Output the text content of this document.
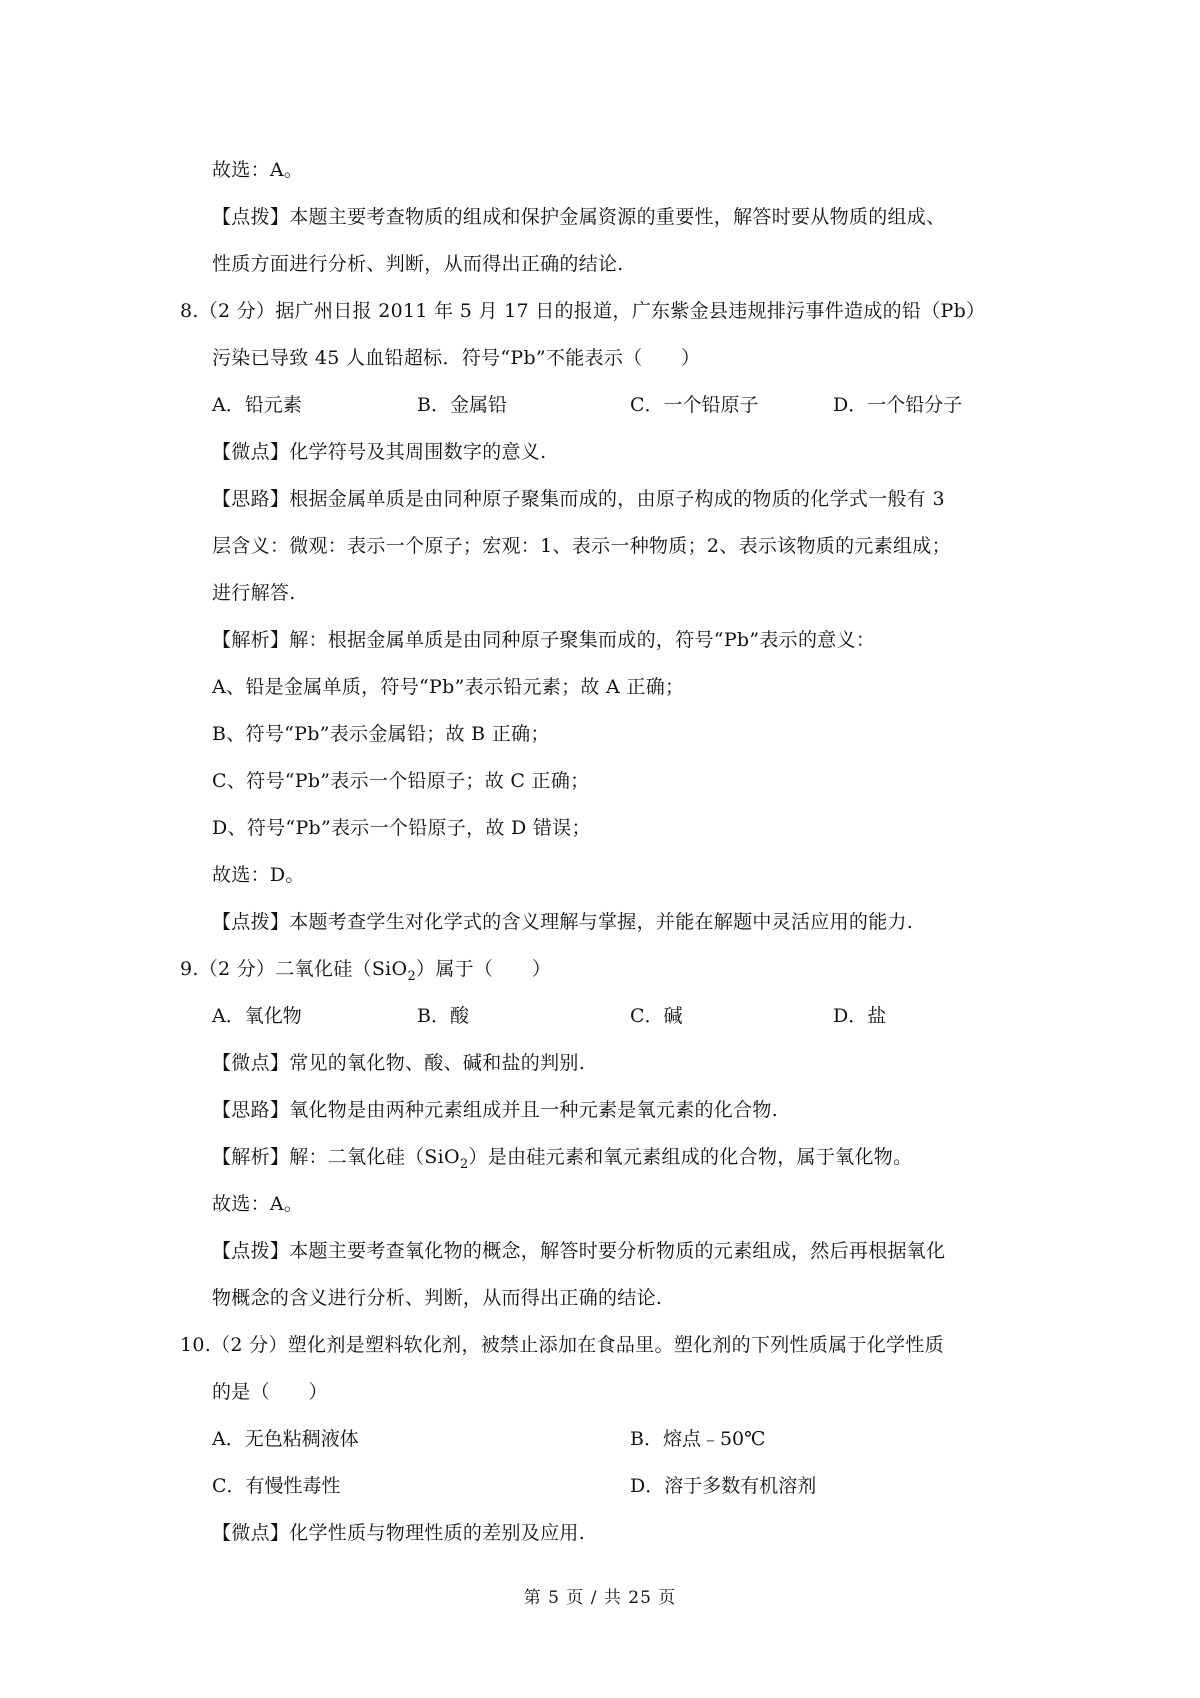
故选：A。
【点拨】本题主要考查物质的组成和保护金属资源的重要性，解答时要从物质的组成、
性质方面进行分析、判断，从而得出正确的结论.
8.（2 分）据广州日报 2011 年 5 月 17 日的报道，广东紫金县违规排污事件造成的铅（Pb）
污染已导致 45 人血铅超标．符号“Pb”不能表示（　　）
A．铅元素	B．金属铅	C．一个铅原子	D．一个铅分子
【微点】化学符号及其周围数字的意义.
【思路】根据金属单质是由同种原子聚集而成的，由原子构成的物质的化学式一般有 3
层含义：微观：表示一个原子；宏观：1、表示一种物质；2、表示该物质的元素组成；
进行解答.
【解析】解：根据金属单质是由同种原子聚集而成的，符号“Pb”表示的意义：
A、铅是金属单质，符号“Pb”表示铅元素；故 A 正确；
B、符号“Pb”表示金属铅；故 B 正确；
C、符号“Pb”表示一个铅原子；故 C 正确；
D、符号“Pb”表示一个铅原子，故 D 错误；
故选：D。
【点拨】本题考查学生对化学式的含义理解与掌握，并能在解题中灵活应用的能力.
9.（2 分）二氧化硅（SiO$_2$）属于（　　）
A．氧化物	B．酸	C．碱	D．盐
【微点】常见的氧化物、酸、碱和盐的判别.
【思路】氧化物是由两种元素组成并且一种元素是氧元素的化合物.
【解析】解：二氧化硅（SiO$_2$）是由硅元素和氧元素组成的化合物，属于氧化物。
故选：A。
【点拨】本题主要考查氧化物的概念，解答时要分析物质的元素组成，然后再根据氧化
物概念的含义进行分析、判断，从而得出正确的结论.
10.（2 分）塑化剂是塑料软化剂，被禁止添加在食品里。塑化剂的下列性质属于化学性质
的是（　　）
A．无色粘稠液体	B．熔点﹣50℃
C．有慢性毒性	D．溶于多数有机溶剂
【微点】化学性质与物理性质的差别及应用.
第 5 页 / 共 25 页
